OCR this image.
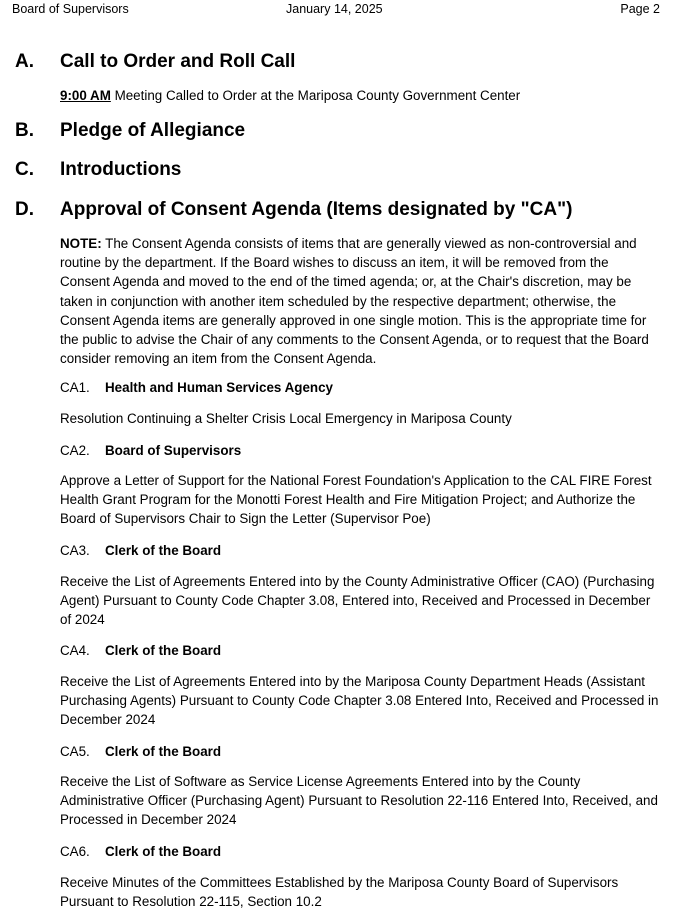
Board of Supervisors	January 14, 2025	Page 2
A. Call to Order and Roll Call
9:00 AM Meeting Called to Order at the Mariposa County Government Center
B. Pledge of Allegiance
C. Introductions
D. Approval of Consent Agenda (Items designated by "CA")
NOTE: The Consent Agenda consists of items that are generally viewed as non-controversial and routine by the department. If the Board wishes to discuss an item, it will be removed from the Consent Agenda and moved to the end of the timed agenda; or, at the Chair's discretion, may be taken in conjunction with another item scheduled by the respective department; otherwise, the Consent Agenda items are generally approved in one single motion. This is the appropriate time for the public to advise the Chair of any comments to the Consent Agenda, or to request that the Board consider removing an item from the Consent Agenda.
CA1. Health and Human Services Agency
Resolution Continuing a Shelter Crisis Local Emergency in Mariposa County
CA2. Board of Supervisors
Approve a Letter of Support for the National Forest Foundation's Application to the CAL FIRE Forest Health Grant Program for the Monotti Forest Health and Fire Mitigation Project; and Authorize the Board of Supervisors Chair to Sign the Letter (Supervisor Poe)
CA3. Clerk of the Board
Receive the List of Agreements Entered into by the County Administrative Officer (CAO) (Purchasing Agent) Pursuant to County Code Chapter 3.08, Entered into, Received and Processed in December of 2024
CA4. Clerk of the Board
Receive the List of Agreements Entered into by the Mariposa County Department Heads (Assistant Purchasing Agents) Pursuant to County Code Chapter 3.08 Entered Into, Received and Processed in December 2024
CA5. Clerk of the Board
Receive the List of Software as Service License Agreements Entered into by the County Administrative Officer (Purchasing Agent) Pursuant to Resolution 22-116 Entered Into, Received, and Processed in December 2024
CA6. Clerk of the Board
Receive Minutes of the Committees Established by the Mariposa County Board of Supervisors Pursuant to Resolution 22-115, Section 10.2
